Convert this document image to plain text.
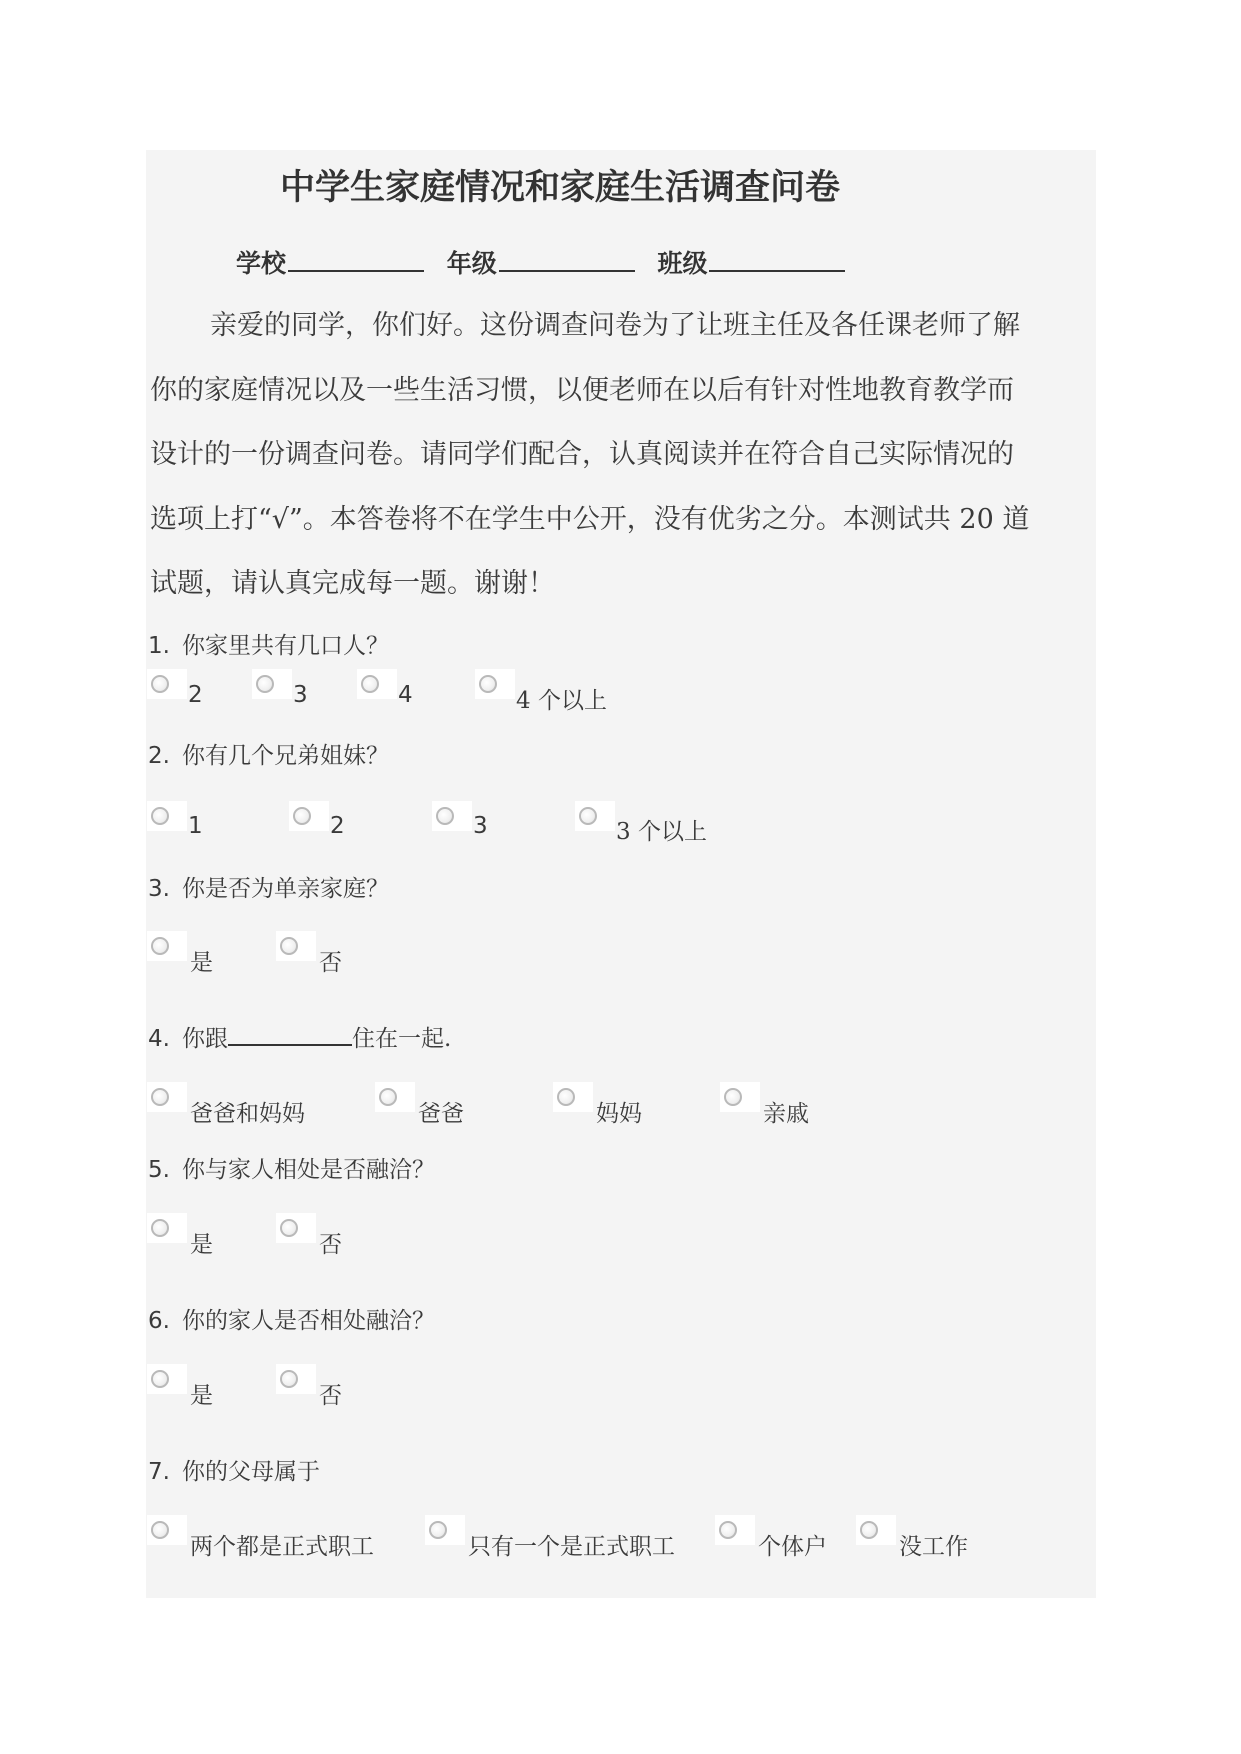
中学生家庭情况和家庭生活调查问卷
学校	年级	班级
亲爱的同学，你们好。这份调查问卷为了让班主任及各任课老师了解
你的家庭情况以及一些生活习惯，以便老师在以后有针对性地教育教学而
设计的一份调查问卷。请同学们配合，认真阅读并在符合自己实际情况的
选项上打“√”。本答卷将不在学生中公开，没有优劣之分。本测试共 20 道
试题，请认真完成每一题。谢谢！
1. 你家里共有几口人？
2	3	4	4 个以上
2. 你有几个兄弟姐妹？
1	2	3	3 个以上
3. 你是否为单亲家庭？
是	否
4. 你跟	住在一起.
爸爸和妈妈	爸爸	妈妈	亲戚
5. 你与家人相处是否融洽？
是	否
6. 你的家人是否相处融洽？
是	否
7. 你的父母属于
两个都是正式职工	只有一个是正式职工	个体户	没工作
